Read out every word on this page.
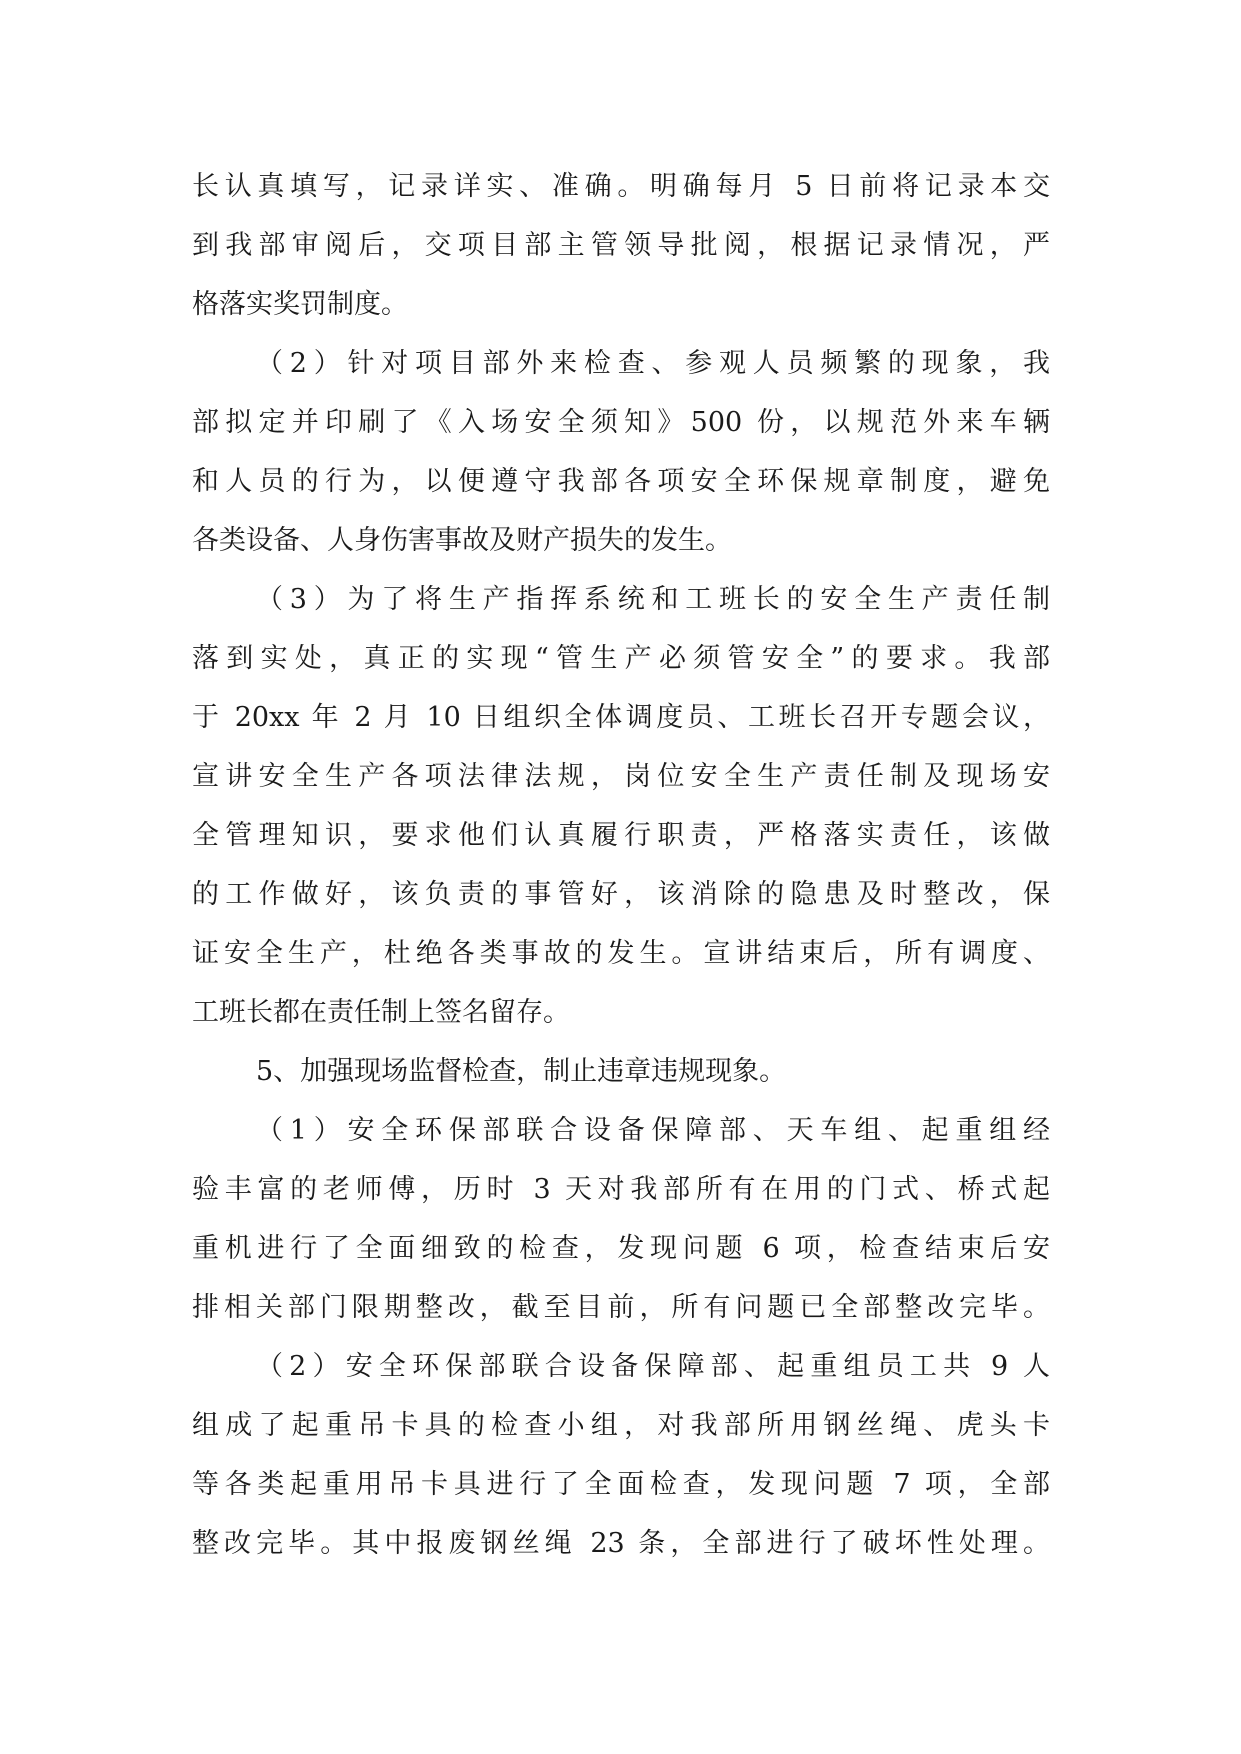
长认真填写，记录详实、准确。明确每月 5 日前将记录本交
到我部审阅后，交项目部主管领导批阅，根据记录情况，严
格落实奖罚制度。
（2）针对项目部外来检查、参观人员频繁的现象，我
部拟定并印刷了《入场安全须知》500 份，以规范外来车辆
和人员的行为，以便遵守我部各项安全环保规章制度，避免
各类设备、人身伤害事故及财产损失的发生。
（3）为了将生产指挥系统和工班长的安全生产责任制
落到实处，真正的实现“管生产必须管安全”的要求。我部
于 20xx 年 2 月 10 日组织全体调度员、工班长召开专题会议，
宣讲安全生产各项法律法规，岗位安全生产责任制及现场安
全管理知识，要求他们认真履行职责，严格落实责任，该做
的工作做好，该负责的事管好，该消除的隐患及时整改，保
证安全生产，杜绝各类事故的发生。宣讲结束后，所有调度、
工班长都在责任制上签名留存。
5、加强现场监督检查，制止违章违规现象。
（1）安全环保部联合设备保障部、天车组、起重组经
验丰富的老师傅，历时 3 天对我部所有在用的门式、桥式起
重机进行了全面细致的检查，发现问题 6 项，检查结束后安
排相关部门限期整改，截至目前，所有问题已全部整改完毕。
（2）安全环保部联合设备保障部、起重组员工共 9 人
组成了起重吊卡具的检查小组，对我部所用钢丝绳、虎头卡
等各类起重用吊卡具进行了全面检查，发现问题 7 项，全部
整改完毕。其中报废钢丝绳 23 条，全部进行了破坏性处理。
